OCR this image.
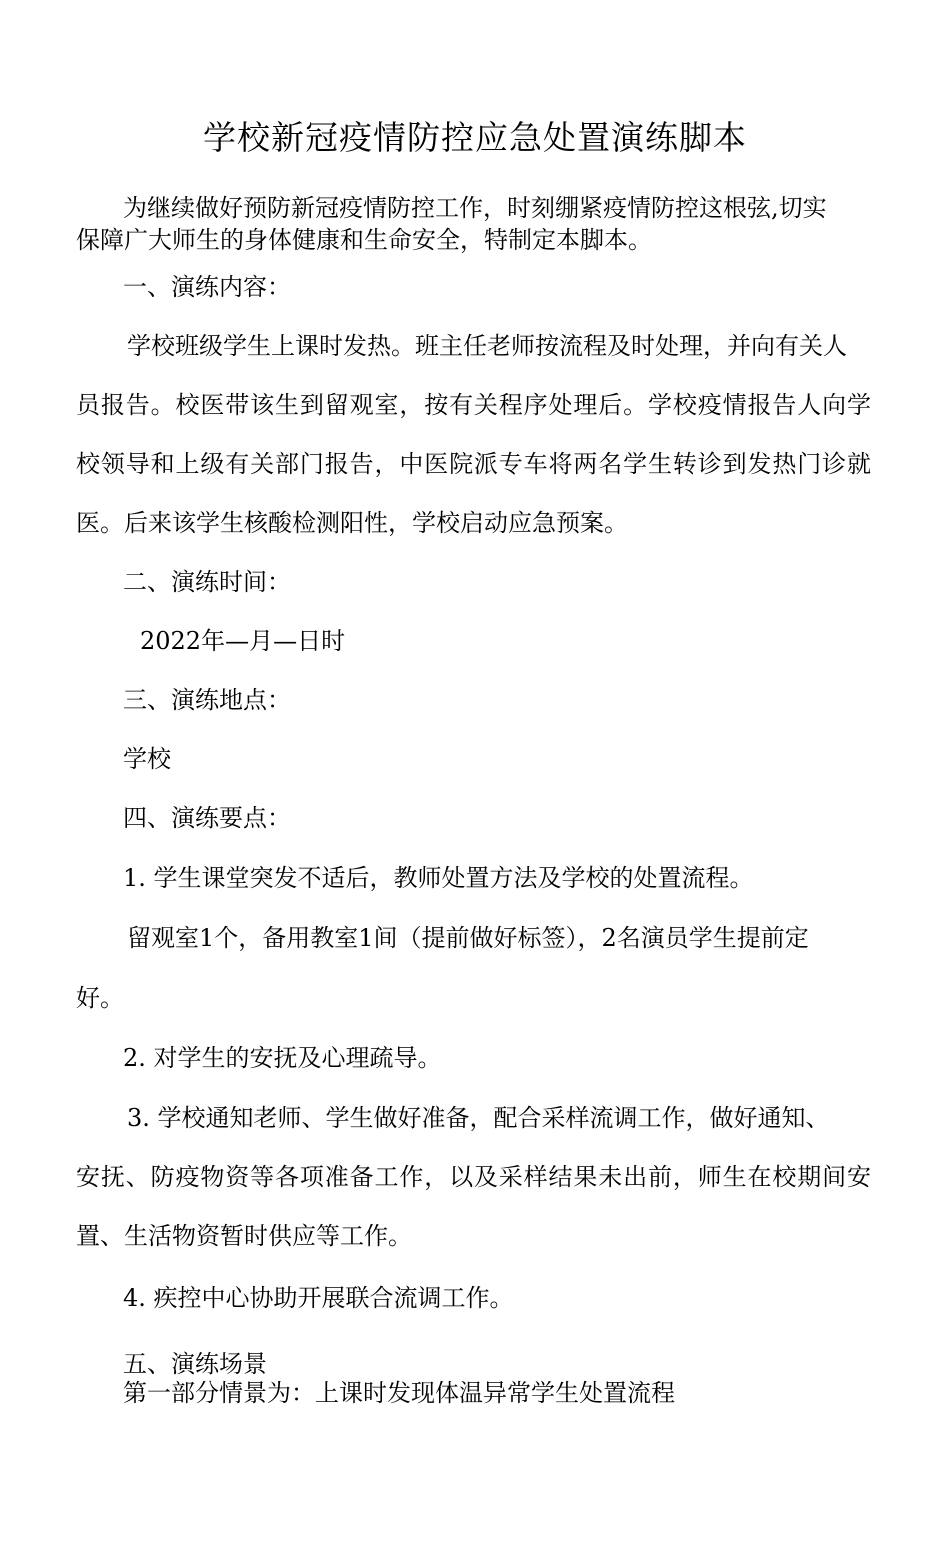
学校新冠疫情防控应急处置演练脚本
为继续做好预防新冠疫情防控工作，时刻绷紧疫情防控这根弦,切实
保障广大师生的身体健康和生命安全，特制定本脚本。
一、演练内容：
学校班级学生上课时发热。班主任老师按流程及时处理，并向有关人
员报告。校医带该生到留观室，按有关程序处理后。学校疫情报告人向学
校领导和上级有关部门报告，中医院派专车将两名学生转诊到发热门诊就
医。后来该学生核酸检测阳性，学校启动应急预案。
二、演练时间：
2022年—月—日时
三、演练地点：
学校
四、演练要点：
1. 学生课堂突发不适后，教师处置方法及学校的处置流程。
留观室1个，备用教室1间（提前做好标签），2名演员学生提前定
好。
2. 对学生的安抚及心理疏导。
3. 学校通知老师、学生做好准备，配合采样流调工作，做好通知、
安抚、防疫物资等各项准备工作，以及采样结果未出前，师生在校期间安
置、生活物资暂时供应等工作。
4. 疾控中心协助开展联合流调工作。
五、演练场景
第一部分情景为：上课时发现体温异常学生处置流程
